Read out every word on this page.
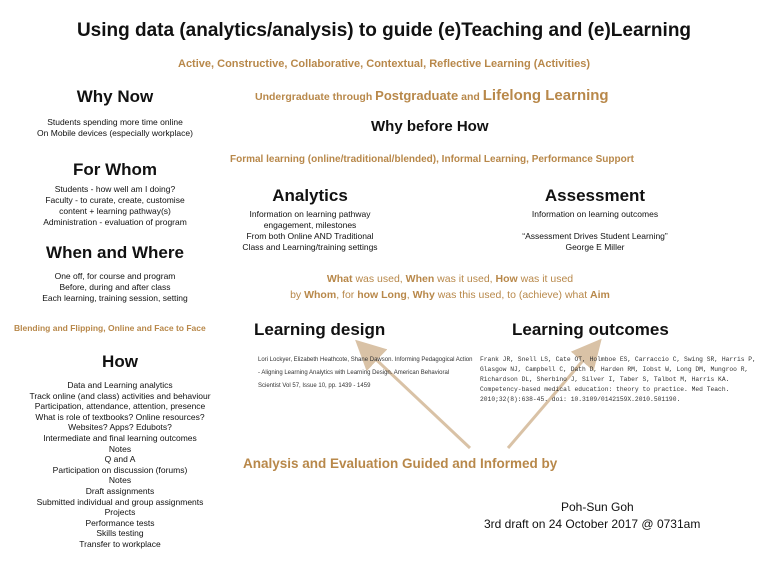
Using data (analytics/analysis) to guide (e)Teaching and (e)Learning
Active, Constructive, Collaborative, Contextual, Reflective Learning (Activities)
Why Now
Students spending more time online
On Mobile devices (especially workplace)
Undergraduate through Postgraduate and Lifelong Learning
Why before How
Formal learning (online/traditional/blended), Informal Learning, Performance Support
For Whom
Students - how well am I doing?
Faculty - to curate, create, customise
content + learning pathway(s)
Administration - evaluation of program
Analytics
Information on learning pathway
engagement, milestones
From both Online AND Traditional
Class and Learning/training settings
Assessment
Information on learning outcomes
“Assessment Drives Student Learning”
George E Miller
When and Where
One off, for course and program
Before, during and after class
Each learning, training session, setting
What was used, When was it used, How was it used
by Whom, for how Long, Why was this used, to (achieve) what Aim
Blending and Flipping, Online and Face to Face	Learning design	Learning outcomes
How
Data and Learning analytics
Track online (and class) activities and behaviour
Participation, attendance, attention, presence
What is role of textbooks? Online resources?
Websites? Apps? Edubots?
Intermediate and final learning outcomes
Notes
Q and A
Participation on discussion (forums)
Notes
Draft assignments
Submitted individual and group assignments
Projects
Performance tests
Skills testing
Transfer to workplace
Lori Lockyer, Elizabeth Heathcote, Shane Dawson. Informing Pedagogical Action
- Aligning Learning Analytics with Learning Design. American Behavioral
Scientist Vol 57, Issue 10, pp. 1439 - 1459
Frank JR, Snell LS, Cate OT, Holmboe ES, Carraccio C, Swing SR, Harris P,
Glasgow NJ, Campbell C, Dath D, Harden RM, Iobst W, Long DM, Mungroo R,
Richardson DL, Sherbino J, Silver I, Taber S, Talbot M, Harris KA.
Competency-based medical education: theory to practice. Med Teach.
2010;32(8):638-45. doi: 10.3109/0142159X.2010.501190.
Analysis and Evaluation Guided and Informed by
Poh-Sun Goh
3rd draft on 24 October 2017 @ 0731am
